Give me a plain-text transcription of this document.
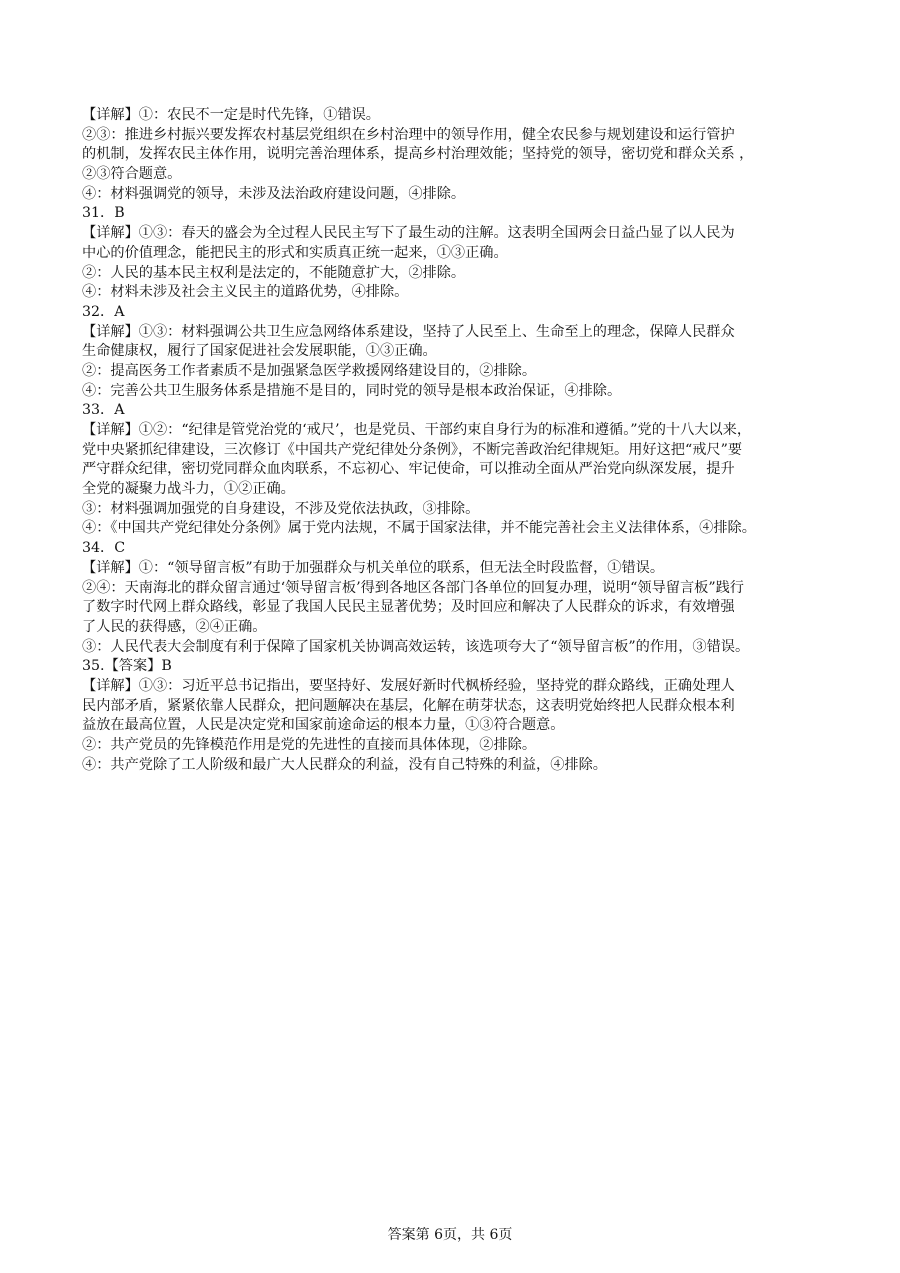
【详解】①：农民不一定是时代先锋，①错误。
②③：推进乡村振兴要发挥农村基层党组织在乡村治理中的领导作用，健全农民参与规划建设和运行管护
的机制，发挥农民主体作用，说明完善治理体系，提高乡村治理效能；坚持党的领导，密切党和群众关系 ，
②③符合题意。
④：材料强调党的领导，未涉及法治政府建设问题，④排除。
31．B
【详解】①③：春天的盛会为全过程人民民主写下了最生动的注解。这表明全国两会日益凸显了以人民为
中心的价值理念，能把民主的形式和实质真正统一起来，①③正确。
②：人民的基本民主权利是法定的，不能随意扩大，②排除。
④：材料未涉及社会主义民主的道路优势，④排除。
32．A
【详解】①③：材料强调公共卫生应急网络体系建设，坚持了人民至上、生命至上的理念，保障人民群众
生命健康权，履行了国家促进社会发展职能，①③正确。
②：提高医务工作者素质不是加强紧急医学救援网络建设目的，②排除。
④：完善公共卫生服务体系是措施不是目的，同时党的领导是根本政治保证，④排除。
33．A
【详解】①②：“纪律是管党治党的‘戒尺’，也是党员、干部约束自身行为的标准和遵循。”党的十八大以来，
党中央紧抓纪律建设，三次修订《中国共产党纪律处分条例》，不断完善政治纪律规矩。用好这把“戒尺”要
严守群众纪律，密切党同群众血肉联系，不忘初心、牢记使命，可以推动全面从严治党向纵深发展，提升
全党的凝聚力战斗力，①②正确。
③：材料强调加强党的自身建设，不涉及党依法执政，③排除。
④：《中国共产党纪律处分条例》属于党内法规，不属于国家法律，并不能完善社会主义法律体系，④排除。
34．C
【详解】①：“领导留言板”有助于加强群众与机关单位的联系，但无法全时段监督，①错误。
②④：天南海北的群众留言通过‘领导留言板’得到各地区各部门各单位的回复办理，说明“领导留言板”践行
了数字时代网上群众路线，彰显了我国人民民主显著优势；及时回应和解决了人民群众的诉求，有效增强
了人民的获得感，②④正确。
③：人民代表大会制度有利于保障了国家机关协调高效运转，该选项夸大了“领导留言板”的作用，③错误。
35.【答案】B
【详解】①③：习近平总书记指出，要坚持好、发展好新时代枫桥经验，坚持党的群众路线，正确处理人
民内部矛盾，紧紧依靠人民群众，把问题解决在基层，化解在萌芽状态，这表明党始终把人民群众根本利
益放在最高位置，人民是决定党和国家前途命运的根本力量，①③符合题意。
②：共产党员的先锋模范作用是党的先进性的直接而具体体现，②排除。
④：共产党除了工人阶级和最广大人民群众的利益，没有自己特殊的利益，④排除。
答案第 6页，共 6页
